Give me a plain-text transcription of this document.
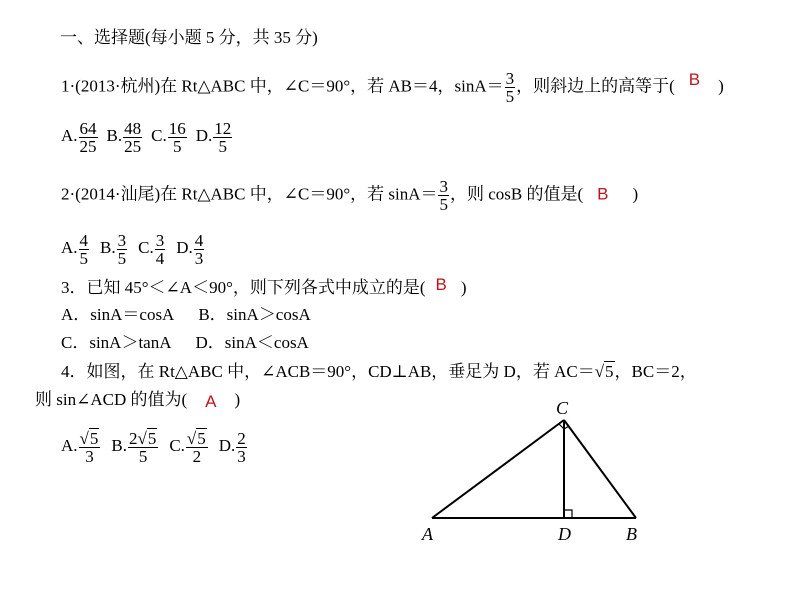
一、选择题(每小题 5 分，共 35 分)
1·(2013·杭州)在 Rt△ABC 中，∠C＝90°，若 AB＝4，$\sin A= \frac{3}{5}$ ，则斜边上的高等于( B )
A. $\frac{64}{25} B$. $\frac{48}{25} C$. $\frac{16}{5} D$. $\frac{12}{5}$
2·(2014·汕尾)在 Rt△ABC 中，∠C＝90°，若 $\sin A= \frac{3}{5}$ ，则 cosB 的值是( B )
A. $\frac{4}{5} B$. $\frac{3}{5} C$. $\frac{3}{4} D$. $\frac{4}{3}$
3．已知 45°＜∠A＜90°，则下列各式中成立的是( B )
A．sinA＝cosA B．sinA＞cosA
C．sinA＞tanA D．sinA＜cosA
4．如图，在 Rt△ABC 中，∠ACB＝90°，CD⊥AB，垂足为 D，若 AC＝√5，BC＝2，
则 sin∠ACD 的值为( A )
A. $\frac{√5}{3} B$. $\frac{2√5}{5} C$. $\frac{√5}{2} D$. $\frac{2}{3}$
C
A	D	B
